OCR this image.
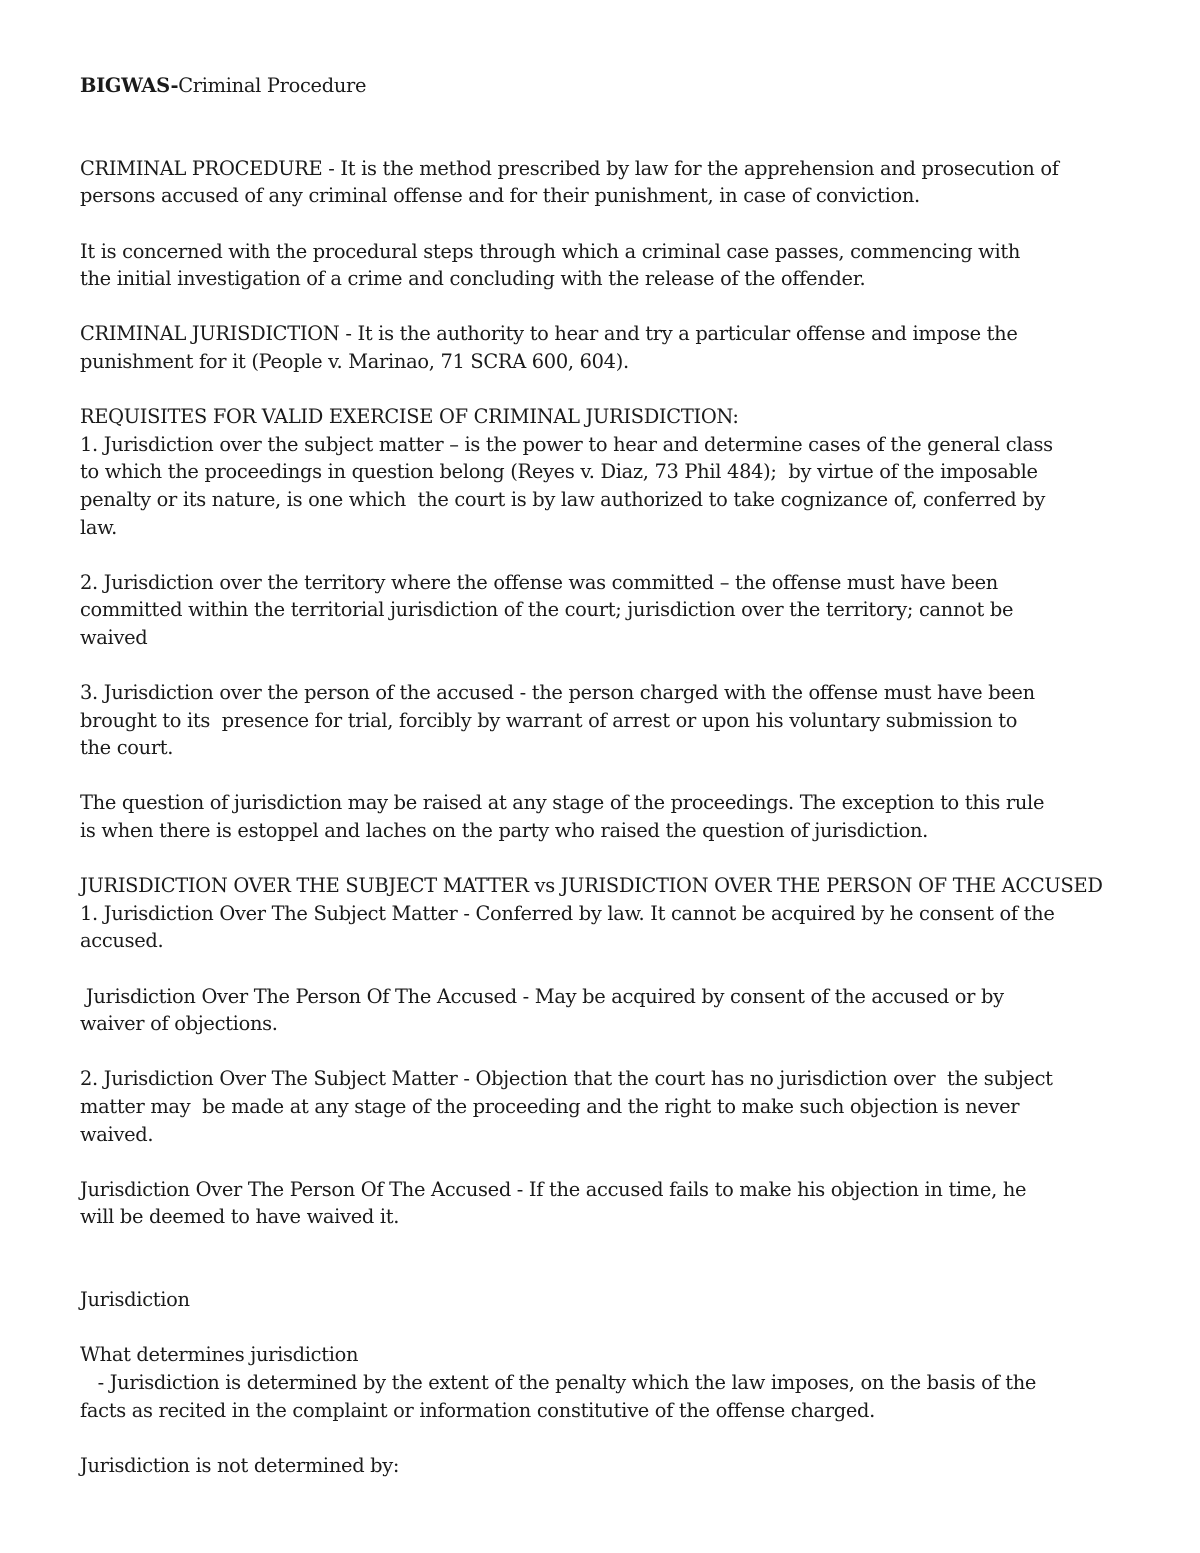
BIGWAS-Criminal Procedure
CRIMINAL PROCEDURE - It is the method prescribed by law for the apprehension and prosecution of
persons accused of any criminal offense and for their punishment, in case of conviction.
It is concerned with the procedural steps through which a criminal case passes, commencing with
the initial investigation of a crime and concluding with the release of the offender.
CRIMINAL JURISDICTION - It is the authority to hear and try a particular offense and impose the
punishment for it (People v. Marinao, 71 SCRA 600, 604).
REQUISITES FOR VALID EXERCISE OF CRIMINAL JURISDICTION:
1. Jurisdiction over the subject matter – is the power to hear and determine cases of the general class
to which the proceedings in question belong (Reyes v. Diaz, 73 Phil 484);  by virtue of the imposable
penalty or its nature, is one which  the court is by law authorized to take cognizance of, conferred by
law.
2. Jurisdiction over the territory where the offense was committed – the offense must have been
committed within the territorial jurisdiction of the court; jurisdiction over the territory; cannot be
waived
3. Jurisdiction over the person of the accused - the person charged with the offense must have been
brought to its  presence for trial, forcibly by warrant of arrest or upon his voluntary submission to
the court.
The question of jurisdiction may be raised at any stage of the proceedings. The exception to this rule
is when there is estoppel and laches on the party who raised the question of jurisdiction.
JURISDICTION OVER THE SUBJECT MATTER vs JURISDICTION OVER THE PERSON OF THE ACCUSED
1. Jurisdiction Over The Subject Matter - Conferred by law. It cannot be acquired by he consent of the
accused.
Jurisdiction Over The Person Of The Accused - May be acquired by consent of the accused or by
waiver of objections.
2. Jurisdiction Over The Subject Matter - Objection that the court has no jurisdiction over  the subject
matter may  be made at any stage of the proceeding and the right to make such objection is never
waived.
Jurisdiction Over The Person Of The Accused - If the accused fails to make his objection in time, he
will be deemed to have waived it.
Jurisdiction
What determines jurisdiction
- Jurisdiction is determined by the extent of the penalty which the law imposes, on the basis of the
facts as recited in the complaint or information constitutive of the offense charged.
Jurisdiction is not determined by:
